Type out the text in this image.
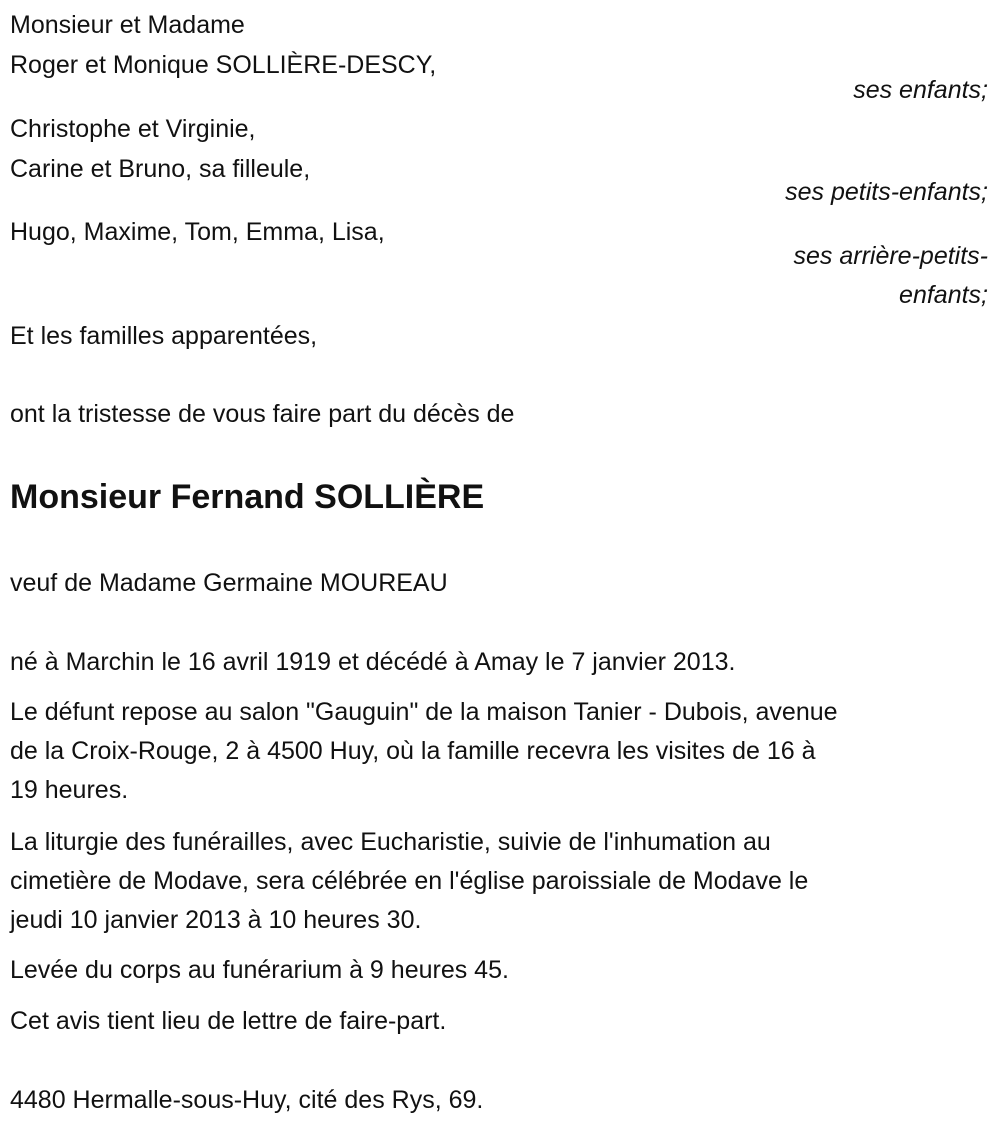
Monsieur et Madame
Roger et Monique SOLLIÈRE-DESCY,
ses enfants;
Christophe et Virginie,
Carine et Bruno, sa filleule,
ses petits-enfants;
Hugo, Maxime, Tom, Emma, Lisa,
ses arrière-petits-
enfants;
Et les familles apparentées,
ont la tristesse de vous faire part du décès de
Monsieur Fernand SOLLIÈRE
veuf de Madame Germaine MOUREAU
né à Marchin le 16 avril 1919 et décédé à Amay le 7 janvier 2013.
Le défunt repose au salon "Gauguin" de la maison Tanier - Dubois, avenue
de la Croix-Rouge, 2 à 4500 Huy, où la famille recevra les visites de 16 à
19 heures.
La liturgie des funérailles, avec Eucharistie, suivie de l'inhumation au
cimetière de Modave, sera célébrée en l'église paroissiale de Modave le
jeudi 10 janvier 2013 à 10 heures 30.
Levée du corps au funérarium à 9 heures 45.
Cet avis tient lieu de lettre de faire-part.
4480 Hermalle-sous-Huy, cité des Rys, 69.
